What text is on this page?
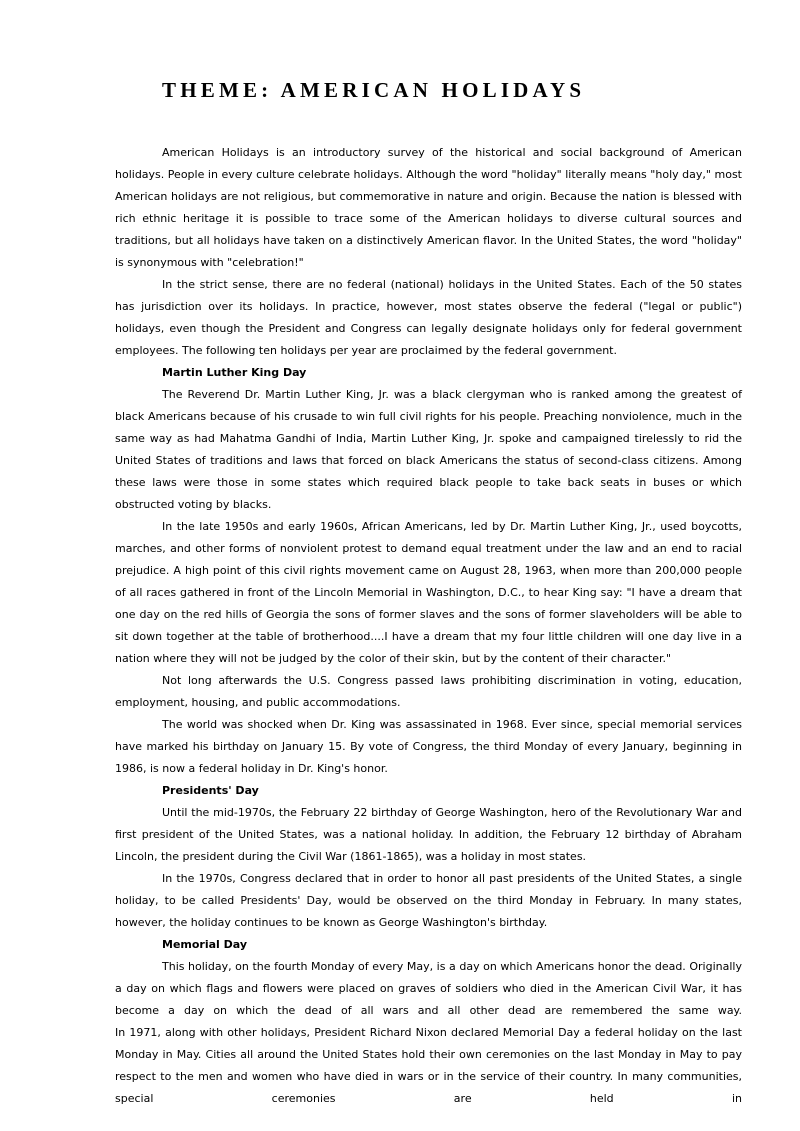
THEME: AMERICAN HOLIDAYS

American Holidays is an introductory survey of the historical and social background of American holidays. People in every culture celebrate holidays. Although the word "holiday" literally means "holy day," most American holidays are not religious, but commemorative in nature and origin. Because the nation is blessed with rich ethnic heritage it is possible to trace some of the American holidays to diverse cultural sources and traditions, but all holidays have taken on a distinctively American flavor. In the United States, the word "holiday" is synonymous with "celebration!"

In the strict sense, there are no federal (national) holidays in the United States. Each of the 50 states has jurisdiction over its holidays. In practice, however, most states observe the federal ("legal or public") holidays, even though the President and Congress can legally designate holidays only for federal government employees. The following ten holidays per year are proclaimed by the federal government.

Martin Luther King Day

The Reverend Dr. Martin Luther King, Jr. was a black clergyman who is ranked among the greatest of black Americans because of his crusade to win full civil rights for his people. Preaching nonviolence, much in the same way as had Mahatma Gandhi of India, Martin Luther King, Jr. spoke and campaigned tirelessly to rid the United States of traditions and laws that forced on black Americans the status of second-class citizens. Among these laws were those in some states which required black people to take back seats in buses or which obstructed voting by blacks.

In the late 1950s and early 1960s, African Americans, led by Dr. Martin Luther King, Jr., used boycotts, marches, and other forms of nonviolent protest to demand equal treatment under the law and an end to racial prejudice. A high point of this civil rights movement came on August 28, 1963, when more than 200,000 people of all races gathered in front of the Lincoln Memorial in Washington, D.C., to hear King say: "I have a dream that one day on the red hills of Georgia the sons of former slaves and the sons of former slaveholders will be able to sit down together at the table of brotherhood....I have a dream that my four little children will one day live in a nation where they will not be judged by the color of their skin, but by the content of their character."

Not long afterwards the U.S. Congress passed laws prohibiting discrimination in voting, education, employment, housing, and public accommodations.

The world was shocked when Dr. King was assassinated in 1968. Ever since, special memorial services have marked his birthday on January 15. By vote of Congress, the third Monday of every January, beginning in 1986, is now a federal holiday in Dr. King's honor.

Presidents' Day

Until the mid-1970s, the February 22 birthday of George Washington, hero of the Revolutionary War and first president of the United States, was a national holiday. In addition, the February 12 birthday of Abraham Lincoln, the president during the Civil War (1861-1865), was a holiday in most states.

In the 1970s, Congress declared that in order to honor all past presidents of the United States, a single holiday, to be called Presidents' Day, would be observed on the third Monday in February. In many states, however, the holiday continues to be known as George Washington's birthday.

Memorial Day

This holiday, on the fourth Monday of every May, is a day on which Americans honor the dead. Originally a day on which flags and flowers were placed on graves of soldiers who died in the American Civil War, it has become a day on which the dead of all wars and all other dead are remembered the same way.

In 1971, along with other holidays, President Richard Nixon declared Memorial Day a federal holiday on the last Monday in May. Cities all around the United States hold their own ceremonies on the last Monday in May to pay respect to the men and women who have died in wars or in the service of their country. In many communities, special ceremonies are held in
